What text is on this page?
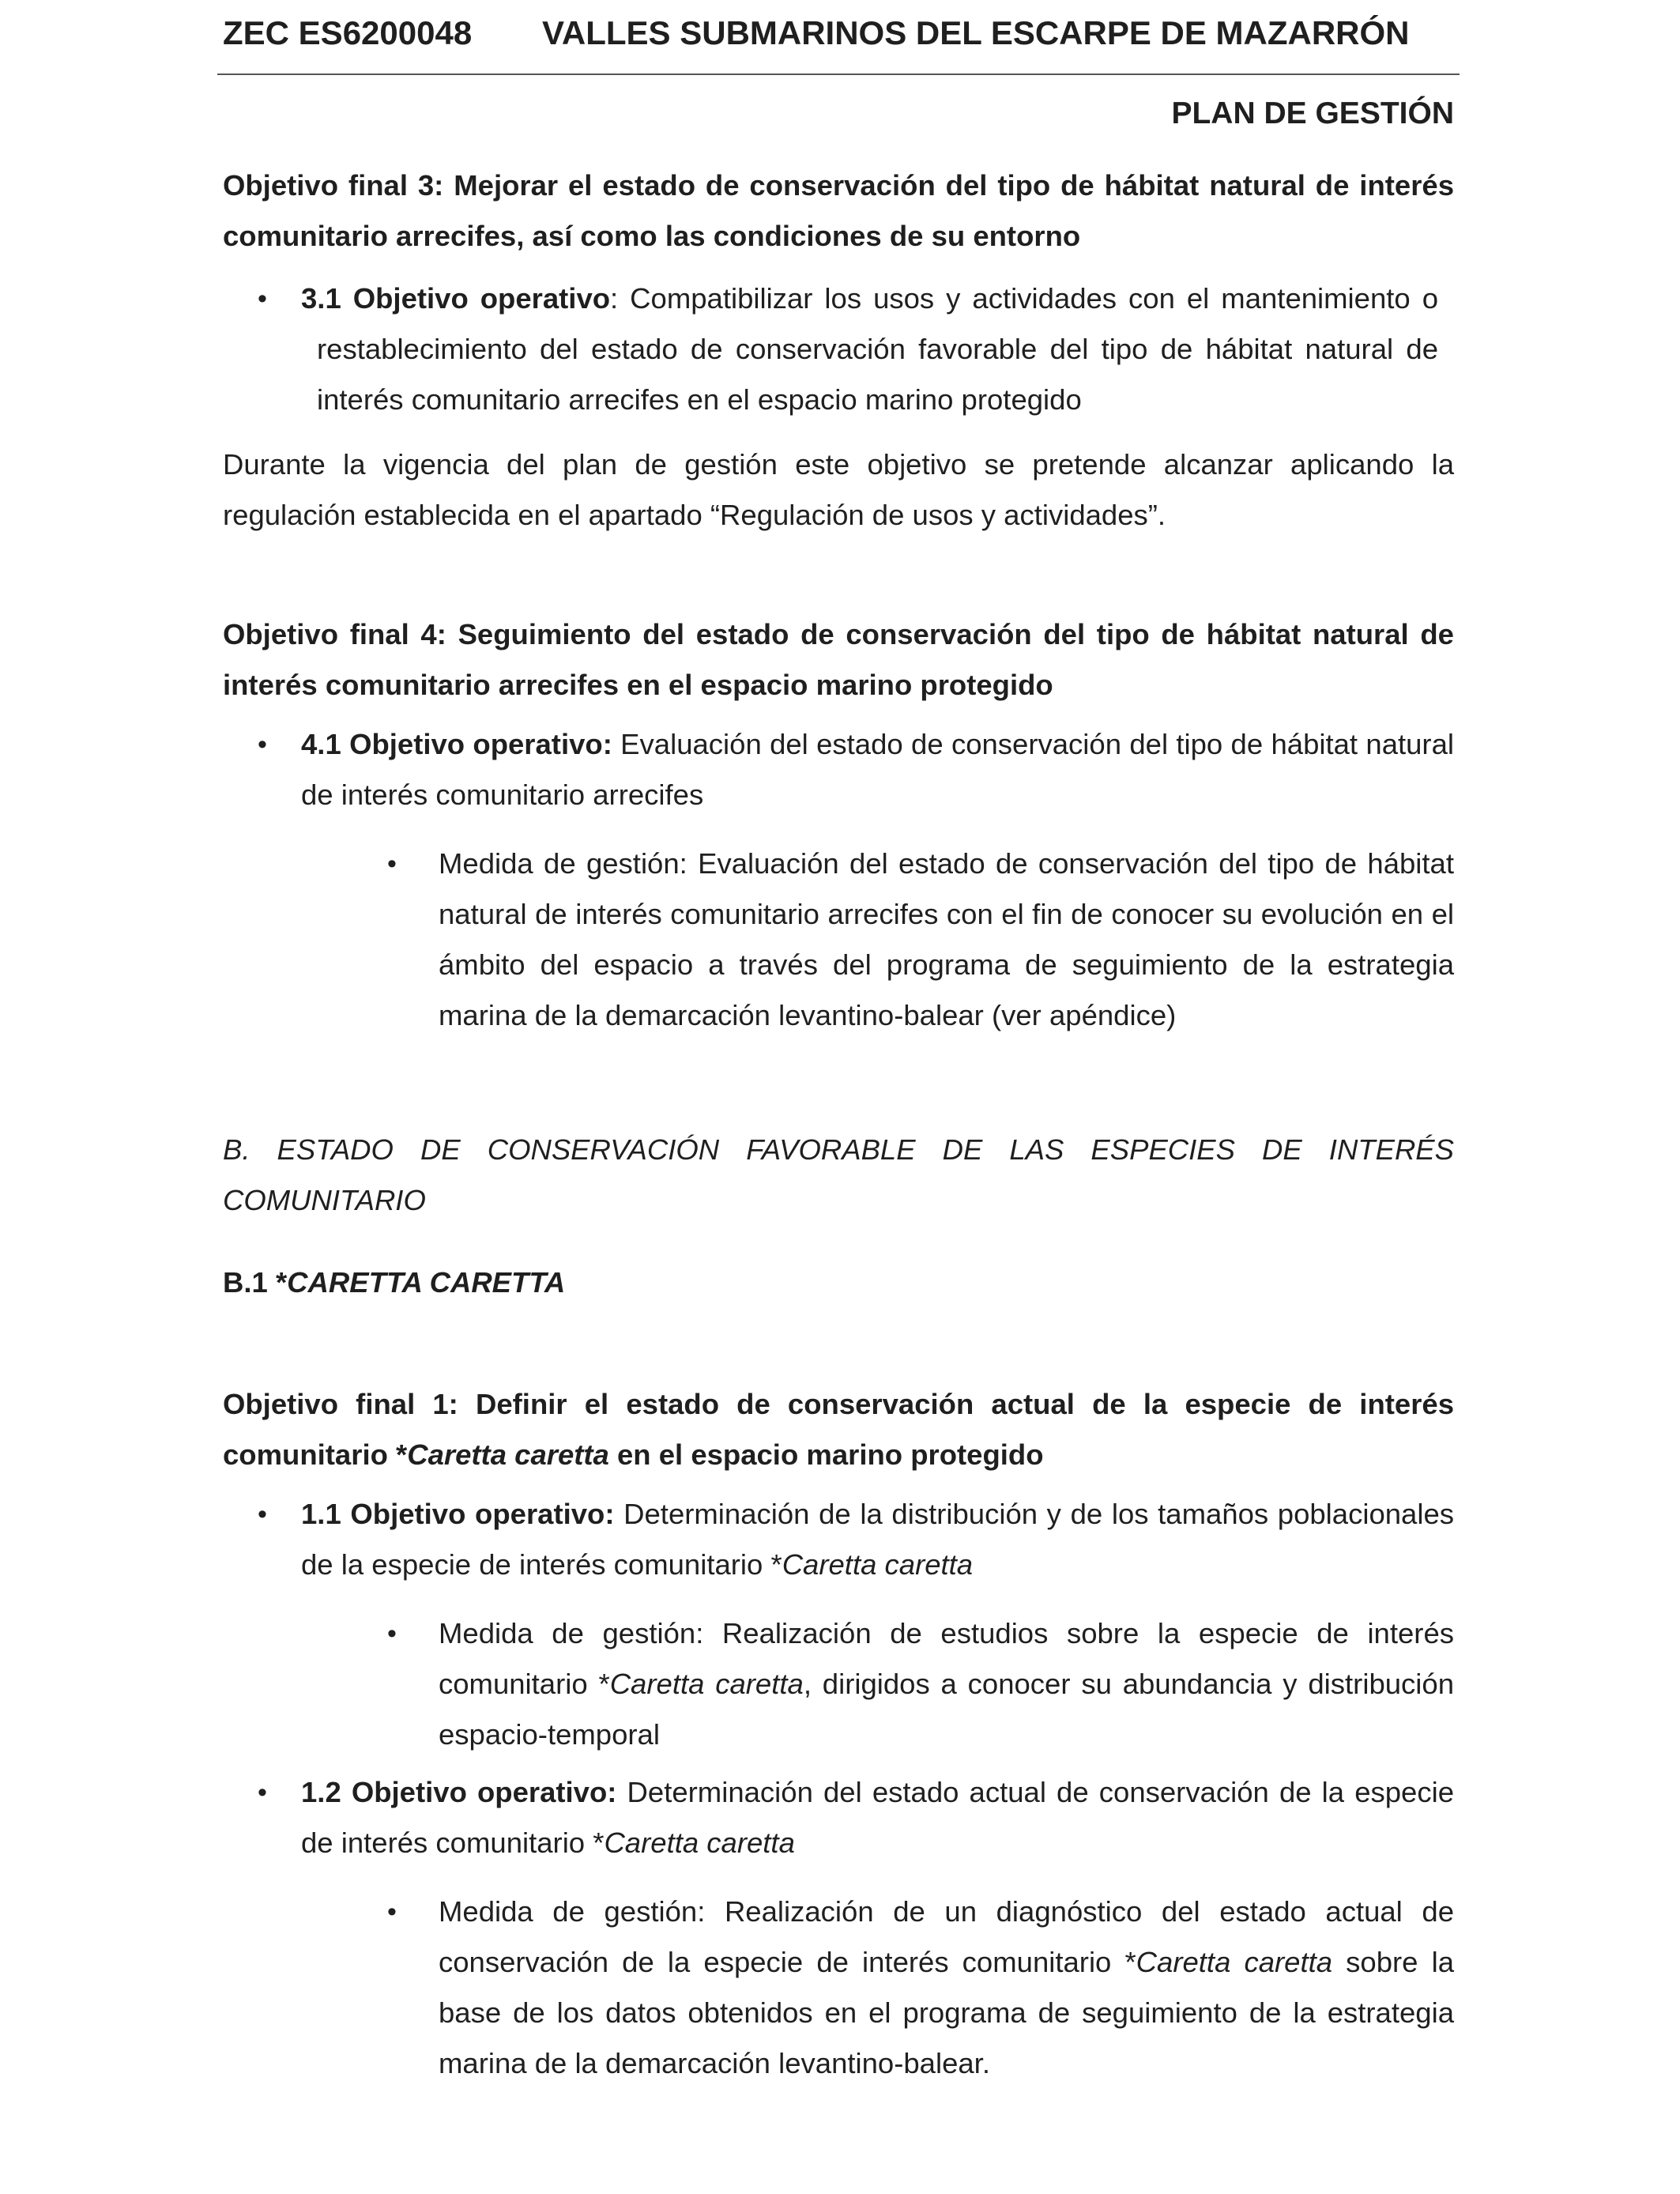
ZEC ES6200048 VALLES SUBMARINOS DEL ESCARPE DE MAZARRÓN
PLAN DE GESTIÓN
Objetivo final 3: Mejorar el estado de conservación del tipo de hábitat natural de interés comunitario arrecifes, así como las condiciones de su entorno
• 3.1 Objetivo operativo: Compatibilizar los usos y actividades con el mantenimiento o restablecimiento del estado de conservación favorable del tipo de hábitat natural de interés comunitario arrecifes en el espacio marino protegido
Durante la vigencia del plan de gestión este objetivo se pretende alcanzar aplicando la regulación establecida en el apartado “Regulación de usos y actividades”.
Objetivo final 4: Seguimiento del estado de conservación del tipo de hábitat natural de interés comunitario arrecifes en el espacio marino protegido
• 4.1 Objetivo operativo: Evaluación del estado de conservación del tipo de hábitat natural de interés comunitario arrecifes
• Medida de gestión: Evaluación del estado de conservación del tipo de hábitat natural de interés comunitario arrecifes con el fin de conocer su evolución en el ámbito del espacio a través del programa de seguimiento de la estrategia marina de la demarcación levantino-balear (ver apéndice)
B. ESTADO DE CONSERVACIÓN FAVORABLE DE LAS ESPECIES DE INTERÉS COMUNITARIO
B.1 *CARETTA CARETTA
Objetivo final 1: Definir el estado de conservación actual de la especie de interés comunitario *Caretta caretta en el espacio marino protegido
• 1.1 Objetivo operativo: Determinación de la distribución y de los tamaños poblacionales de la especie de interés comunitario *Caretta caretta
• Medida de gestión: Realización de estudios sobre la especie de interés comunitario *Caretta caretta, dirigidos a conocer su abundancia y distribución espacio-temporal
• 1.2 Objetivo operativo: Determinación del estado actual de conservación de la especie de interés comunitario *Caretta caretta
• Medida de gestión: Realización de un diagnóstico del estado actual de conservación de la especie de interés comunitario *Caretta caretta sobre la base de los datos obtenidos en el programa de seguimiento de la estrategia marina de la demarcación levantino-balear.
